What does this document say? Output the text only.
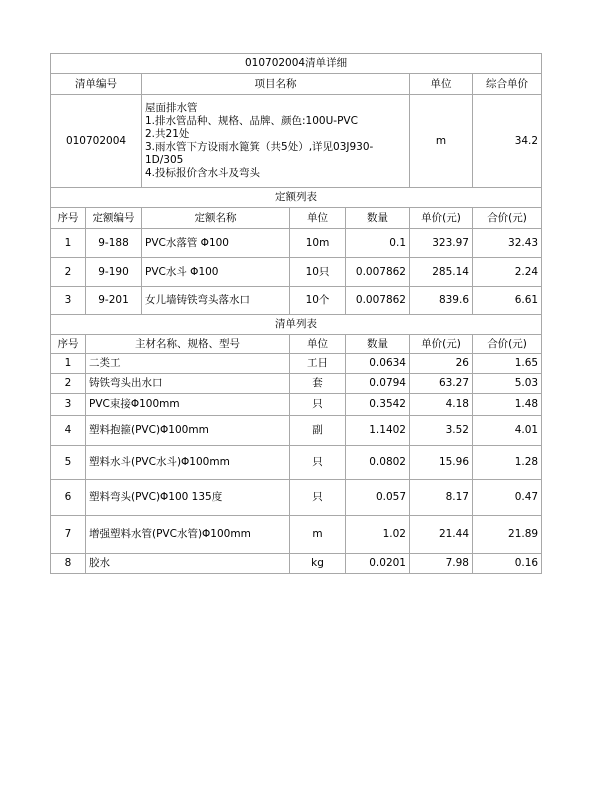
010702004清单详细						
清单编号		项目名称			单位	综合单价
010702004		屋面排水管
1.排水管品种、规格、品牌、颜色:100U-PVC
2.共21处
3.雨水管下方设雨水篦箕（共5处）,详见03J930-1D/305
4.投标报价含水斗及弯头			m	34.2
定额列表						
序号	定额编号	定额名称	单位	数量	单价(元)	合价(元)
1	9-188	PVC水落管 Φ100	10m	0.1	323.97	32.43
2	9-190	PVC水斗 Φ100	10只	0.007862	285.14	2.24
3	9-201	女儿墙铸铁弯头落水口	10个	0.007862	839.6	6.61
清单列表						
序号	主材名称、规格、型号		单位	数量	单价(元)	合价(元)
1	二类工		工日	0.0634	26	1.65
2	铸铁弯头出水口		套	0.0794	63.27	5.03
3	PVC束接Φ100mm		只	0.3542	4.18	1.48
4	塑料抱箍(PVC)Φ100mm		副	1.1402	3.52	4.01
5	塑料水斗(PVC水斗)Φ100mm		只	0.0802	15.96	1.28
6	塑料弯头(PVC)Φ100 135度		只	0.057	8.17	0.47
7	增强塑料水管(PVC水管)Φ100mm		m	1.02	21.44	21.89
8	胶水		kg	0.0201	7.98	0.16
